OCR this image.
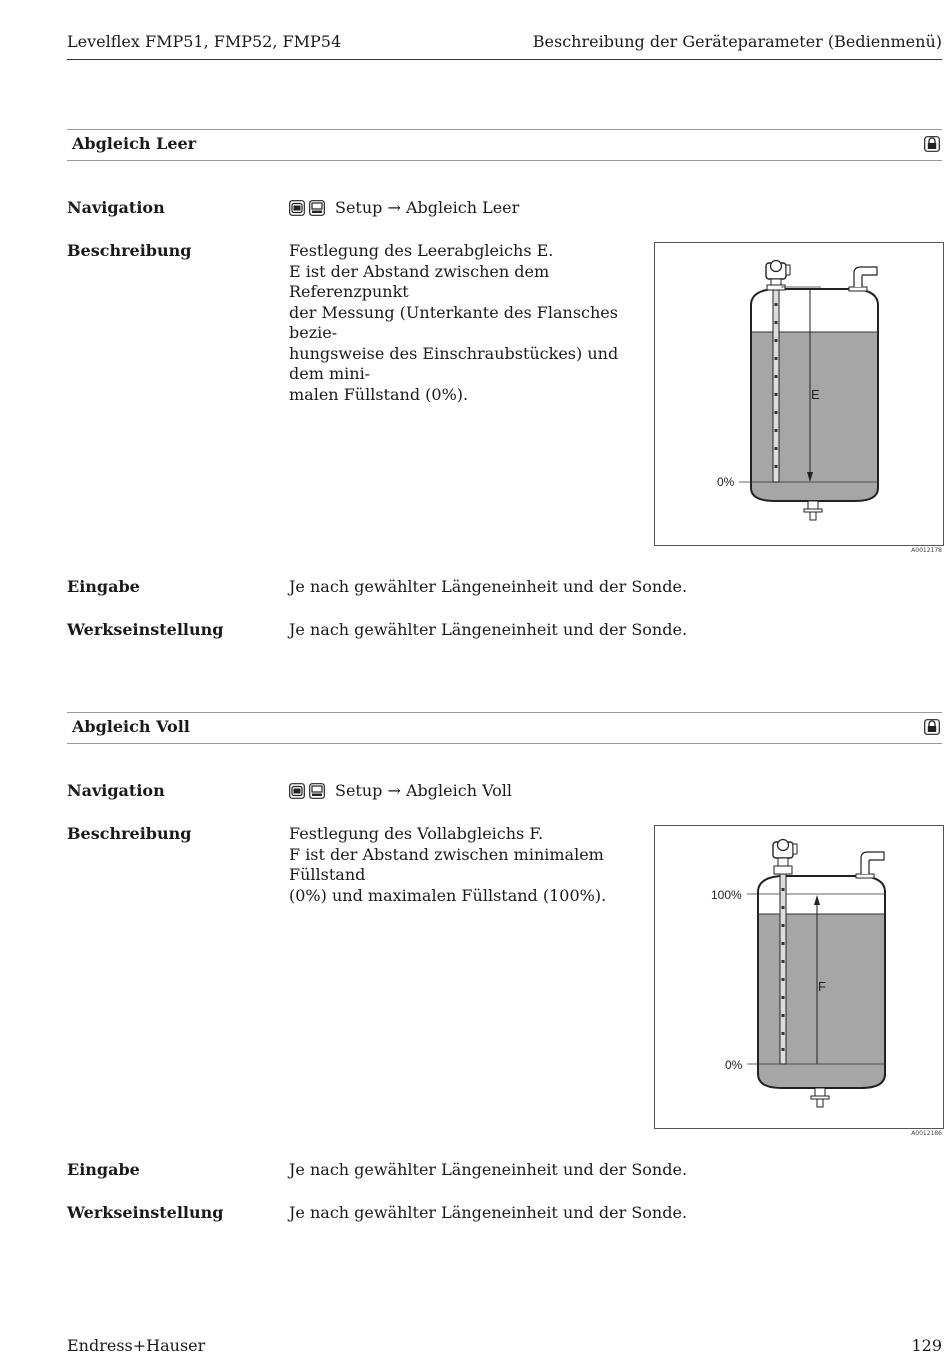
Levelflex FMP51, FMP52, FMP54	Beschreibung der Geräteparameter (Bedienmenü)
Abgleich Leer
Navigation	Setup → Abgleich Leer
Beschreibung	Festlegung des Leerabgleichs E.
E ist der Abstand zwischen dem Referenzpunkt
der Messung (Unterkante des Flansches bezie-
hungsweise des Einschraubstückes) und dem mini-
malen Füllstand (0%).	E
0%
A0012178
Eingabe	Je nach gewählter Längeneinheit und der Sonde.
Werkseinstellung	Je nach gewählter Längeneinheit und der Sonde.
Abgleich Voll
Navigation	Setup → Abgleich Voll
Beschreibung	Festlegung des Vollabgleichs F.
F ist der Abstand zwischen minimalem Füllstand
(0%) und maximalen Füllstand (100%).
F
100%
0%
A0012186
Eingabe	Je nach gewählter Längeneinheit und der Sonde.
Werkseinstellung	Je nach gewählter Längeneinheit und der Sonde.
Endress+Hauser	129
